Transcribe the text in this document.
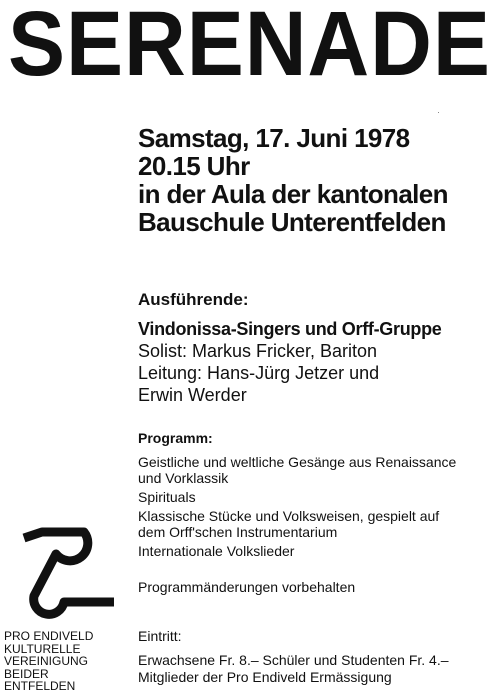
SERENADE
Samstag, 17. Juni 1978
20.15 Uhr
in der Aula der kantonalen
Bauschule Unterentfelden
Ausführende:
Vindonissa-Singers und Orff-Gruppe
Solist: Markus Fricker, Bariton
Leitung: Hans-Jürg Jetzer und
Erwin Werder
Programm:
Geistliche und weltliche Gesänge aus Renaissance
und Vorklassik
Spirituals
Klassische Stücke und Volksweisen, gespielt auf
dem Orff'schen Instrumentarium
Internationale Volkslieder
Programmänderungen vorbehalten
Eintritt:
Erwachsene Fr. 8.– Schüler und Studenten Fr. 4.–
Mitglieder der Pro Endiveld Ermässigung
PRO ENDIVELD
KULTURELLE
VEREINIGUNG
BEIDER
ENTFELDEN
